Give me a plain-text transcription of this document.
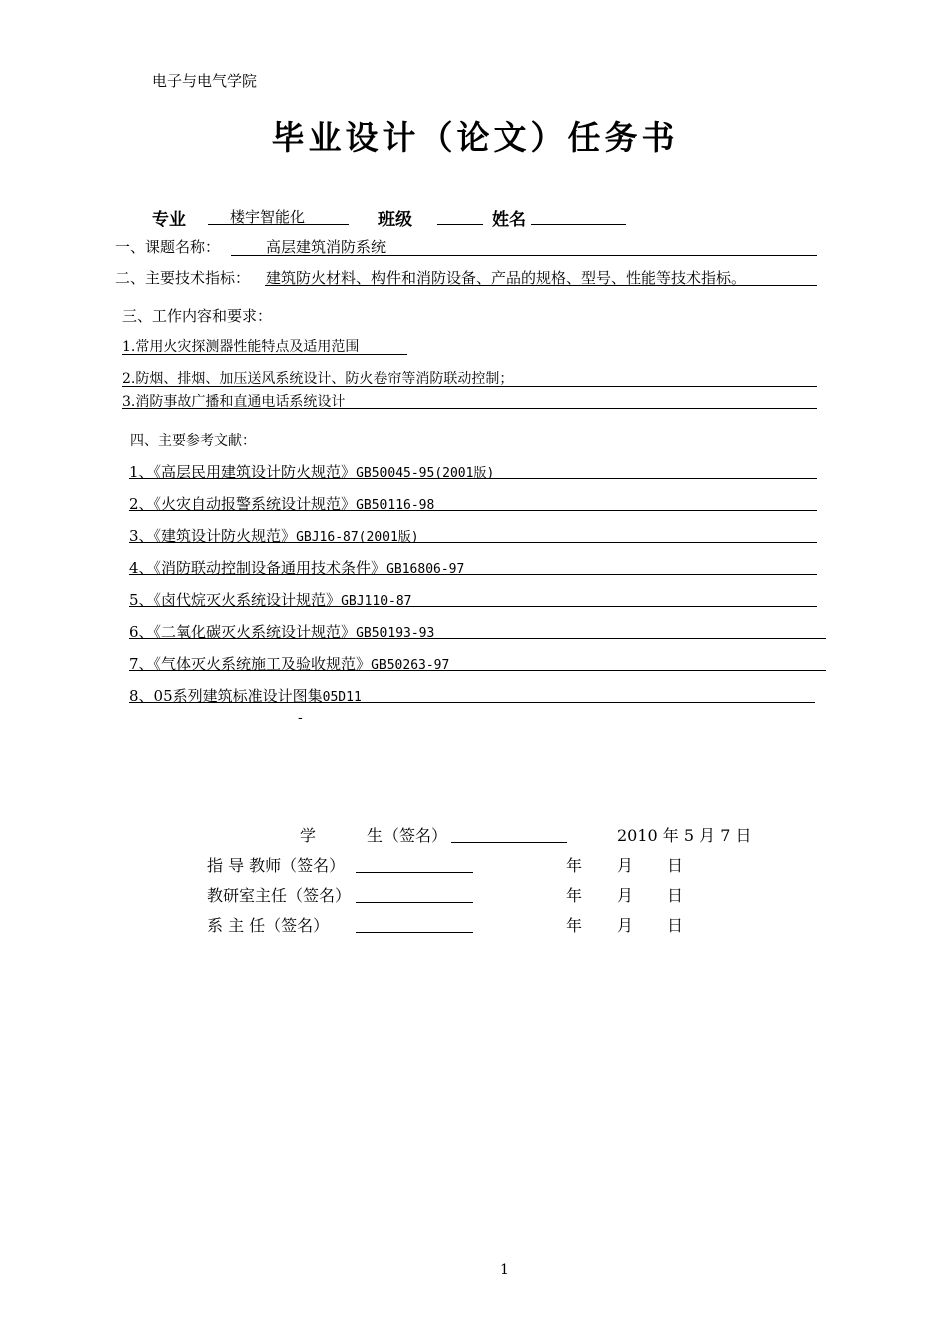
电子与电气学院
毕业设计（论文）任务书
专业	楼宇智能化	班级	姓名
一、课题名称：	高层建筑消防系统
二、主要技术指标： 建筑防火材料、构件和消防设备、产品的规格、型号、性能等技术指标。
三、工作内容和要求：
1.常用火灾探测器性能特点及适用范围
2.防烟、排烟、加压送风系统设计、防火卷帘等消防联动控制；
3.消防事故广播和直通电话系统设计
四、主要参考文献：
1、《高层民用建筑设计防火规范》GB50045-95(2001版)
2、《火灾自动报警系统设计规范》GB50116-98
3、《建筑设计防火规范》GBJ16-87(2001版)
4、《消防联动控制设备通用技术条件》GB16806-97
5、《卤代烷灭火系统设计规范》GBJ110-87
6、《二氧化碳灭火系统设计规范》GB50193-93
7、《气体灭火系统施工及验收规范》GB50263-97
8、05系列建筑标准设计图集05D11
-
学	生（签名）	2010 年 5 月 7 日
指 导 教师（签名）	年 月 日
教研室主任（签名）	年 月 日
系 主 任（签名）	年 月 日
1
